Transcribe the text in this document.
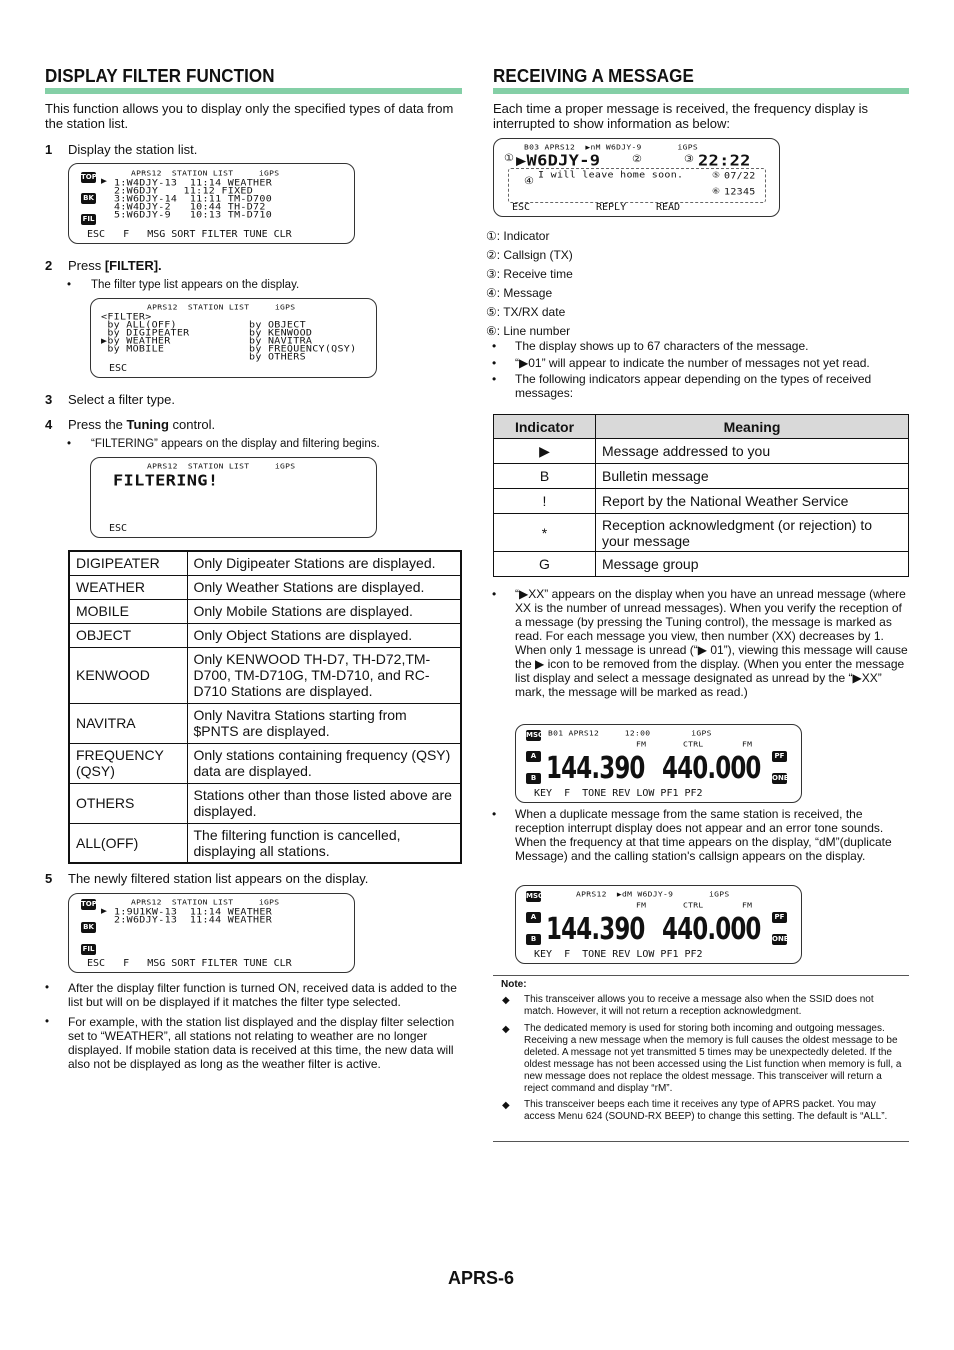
DISPLAY FILTER FUNCTION
This function allows you to display only the specified types of data from the station list.
1 Display the station list.
APRS12  STATION LIST     iGPS
TOP
BK
FIL
▶ 1:W4DJY-13  11:14 WEATHER
2:W6DJY    11:12 FIXED
3:W6DJY-14  11:11 TM-D700
4:W4DJY-2   10:44 TH-D72
5:W6DJY-9   10:13 TM-D710
ESC   F   MSG SORT FILTER TUNE CLR
2 Press [FILTER].
• The filter type list appears on the display.
APRS12  STATION LIST     iGPS
<FILTER>
by ALL(OFF)
by DIGIPEATER
▶by WEATHER
by MOBILE
by OBJECT
by KENWOOD
by NAVITRA
by FREQUENCY(QSY)
by OTHERS
ESC
3 Select a filter type.
4 Press the Tuning control.
• “FILTERING” appears on the display and filtering begins.
APRS12  STATION LIST     iGPS
FILTERING!
ESC
DIGIPEATER	Only Digipeater Stations are displayed.
WEATHER	Only Weather Stations are displayed.
MOBILE	Only Mobile Stations are displayed.
OBJECT	Only Object Stations are displayed.
KENWOOD	Only KENWOOD TH-D7, TH-D72,TM-D700, TM-D710G, TM-D710, and RC-D710 Stations are displayed.
NAVITRA	Only Navitra Stations starting from $PNTS are displayed.
FREQUENCY (QSY)	Only stations containing frequency (QSY) data are displayed.
OTHERS	Stations other than those listed above are displayed.
ALL(OFF)	The filtering function is cancelled, displaying all stations.
5 The newly filtered station list appears on the display.
APRS12  STATION LIST     iGPS
TOP
BK
FIL
▶ 1:9U1KW-13  11:14 WEATHER
2:W6DJY-13  11:44 WEATHER
ESC   F   MSG SORT FILTER TUNE CLR
• After the display filter function is turned ON, received data is added to the list but will on be displayed if it matches the filter type selected.
• For example, with the station list displayed and the display filter selection set to “WEATHER”, all stations not relating to weather are no longer displayed. If mobile station data is received at this time, the new data will also not be displayed as long as the weather filter is active.
RECEIVING A MESSAGE
Each time a proper message is received, the frequency display is interrupted to show information as below:
B03 APRS12  ▶nM W6DJY-9       iGPS
① ▶W6DJY-9	②	③ 22:22
I will leave home soon.
④	⑤ 07/22
⑥ 12345
ESC	REPLY	READ
①: Indicator
②: Callsign (TX)
③: Receive time
④: Message
⑤: TX/RX date
⑥: Line number
• The display shows up to 67 characters of the message.
• “▶01” will appear to indicate the number of messages not yet read.
• The following indicators appear depending on the types of received messages:
Indicator	Meaning
▶	Message addressed to you
B	Bulletin message
!	Report by the National Weather Service
*	Reception acknowledgment (or rejection) to your message
G	Message group
• “▶XX” appears on the display when you have an unread message (where XX is the number of unread messages). When you verify the reception of a message (by pressing the Tuning control), the message is marked as read. For each message you view, then number (XX) decreases by 1. When only 1 message is unread (“▶ 01”), viewing this message will cause the ▶ icon to be removed from the display. (When you enter the message list display and select a message designated as unread by the “▶XX” mark, the message will be marked as read.)
B01 APRS12     12:00        iGPS
MSG
A
B
PF
ONE
FM	FM
CTRL
144.390 440.000
KEY  F  TONE REV LOW PF1 PF2
• When a duplicate message from the same station is received, the reception interrupt display does not appear and an error tone sounds. When the frequency at that time appears on the display, “dM”(duplicate Message) and the calling station's callsign appears on the display.
APRS12  ▶dM W6DJY-9       iGPS
MSG
A
B
PF
ONE
FM	FM
CTRL
144.390 440.000
KEY  F  TONE REV LOW PF1 PF2
Note:
◆ This transceiver allows you to receive a message also when the SSID does not match. However, it will not return a reception acknowledgment.
◆ The dedicated memory is used for storing both incoming and outgoing messages. Receiving a new message when the memory is full causes the oldest message to be deleted. A message not yet transmitted 5 times may be unexpectedly deleted. If the oldest message has not been accessed using the List function when memory is full, a new message does not replace the oldest message. This transceiver will return a reject command and display “rM”.
◆ This transceiver beeps each time it receives any type of APRS packet. You may access Menu 624 (SOUND-RX BEEP) to change this setting. The default is “ALL”.
APRS-6
